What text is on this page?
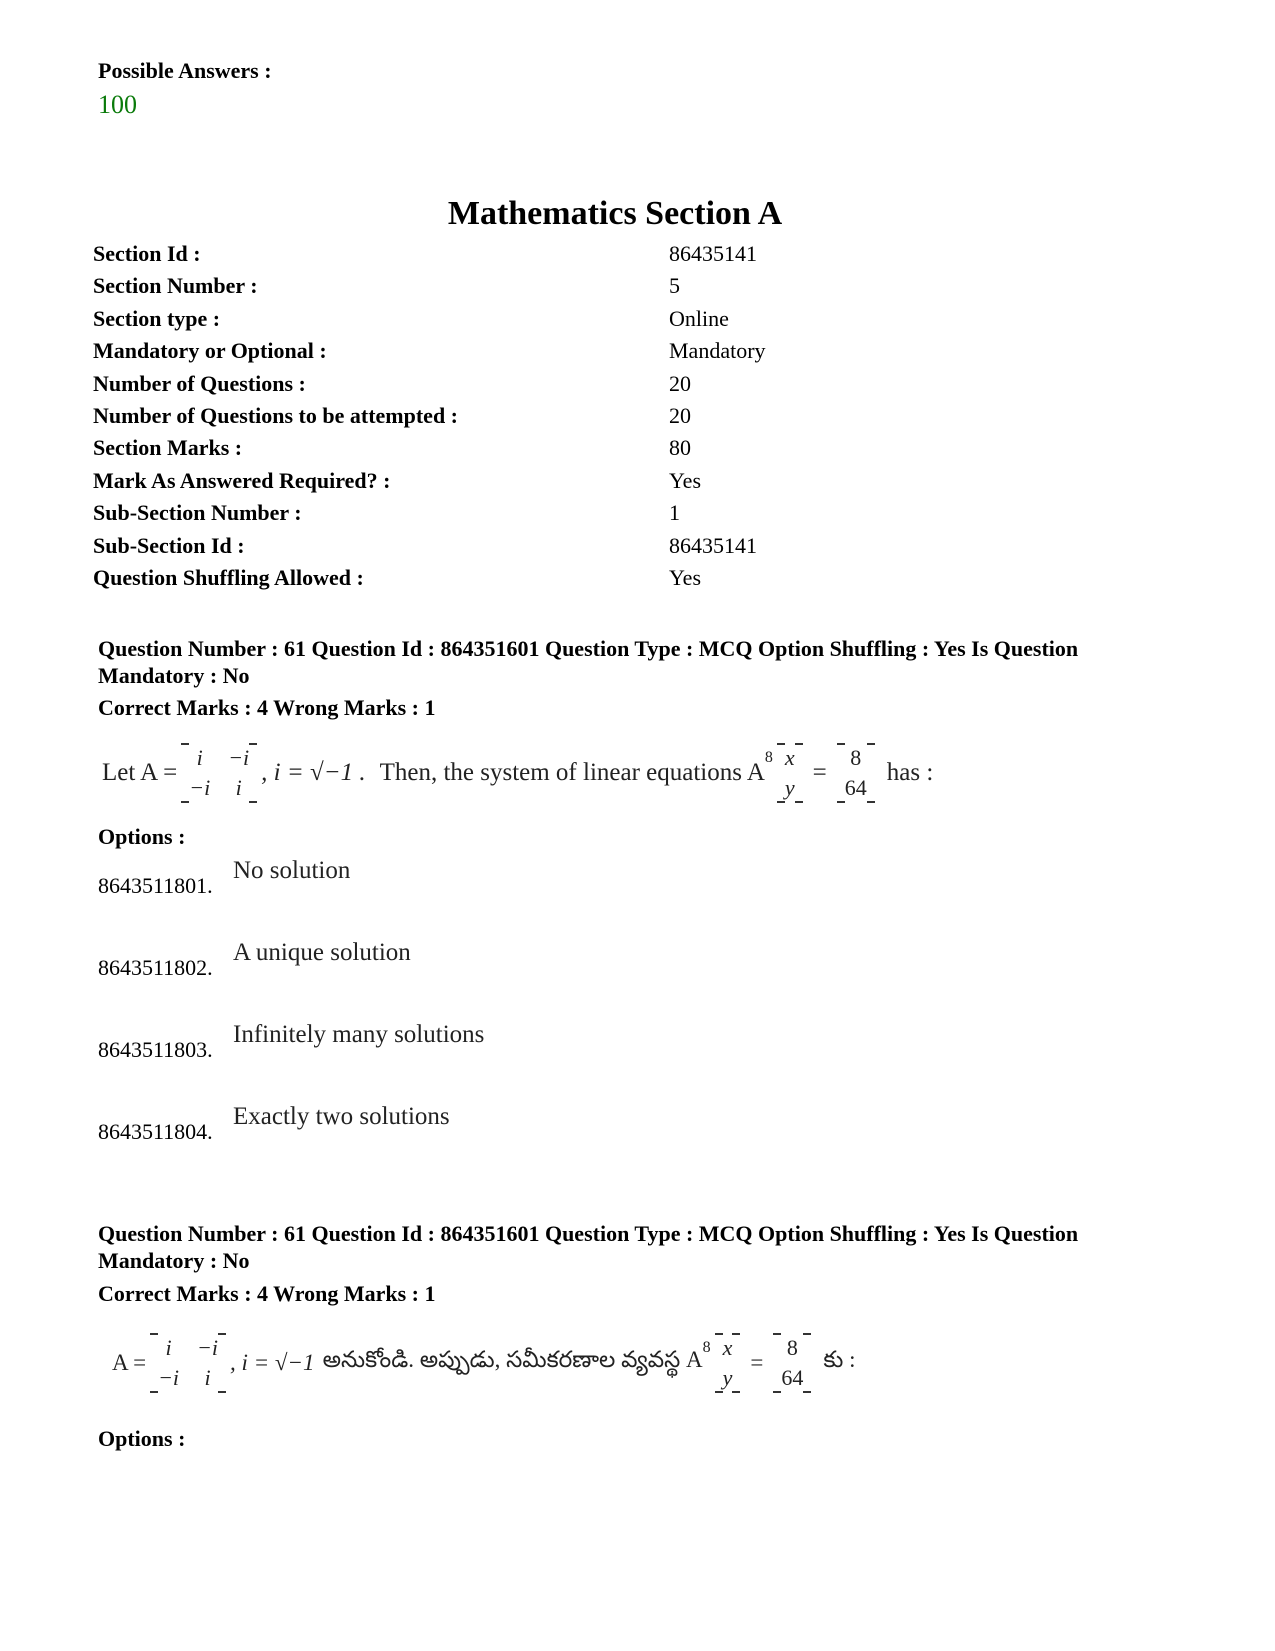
Possible Answers :
100
Mathematics Section A
Section Id :	86435141
Section Number :	5
Section type :	Online
Mandatory or Optional :	Mandatory
Number of Questions :	20
Number of Questions to be attempted :	20
Section Marks :	80
Mark As Answered Required? :	Yes
Sub-Section Number :	1
Sub-Section Id :	86435141
Question Shuffling Allowed :	Yes
Question Number : 61 Question Id : 864351601 Question Type : MCQ Option Shuffling : Yes Is Question Mandatory : No
Correct Marks : 4 Wrong Marks : 1
Let A =
i	−i
−i	i
, i = √−1 . Then, the system of linear equations A
$^8$ x
y
=
8
64
has :
Options :
8643511801.
No solution
8643511802.
A unique solution
8643511803.
Infinitely many solutions
8643511804.
Exactly two solutions
Question Number : 61 Question Id : 864351601 Question Type : MCQ Option Shuffling : Yes Is Question Mandatory : No
Correct Marks : 4 Wrong Marks : 1
A =
i	−i
−i	i
, i = √−1 అనుకోండి. అప్పుడు, సమీకరణాల వ్యవస్థ $A^8$ x
y
=
8
64
కు :
Options :
